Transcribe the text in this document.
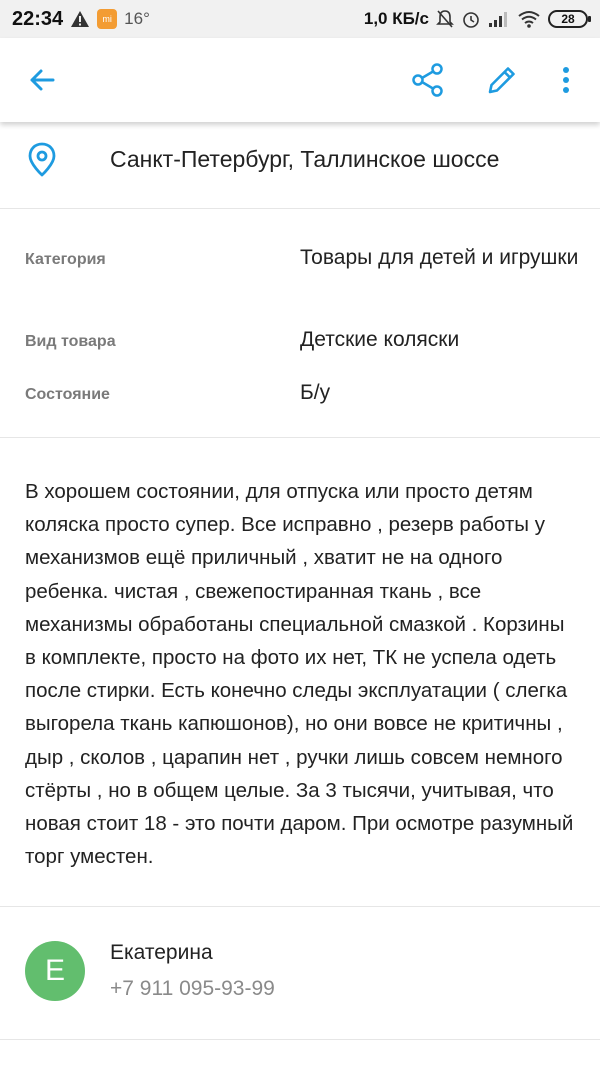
22:34	mi 16°	1,0 КБ/с	28
Санкт-Петербург, Таллинское шоссе
Категория	Товары для детей и игрушки
Вид товара	Детские коляски
Состояние	Б/у

В хорошем состоянии, для отпуска или просто детям коляска просто супер. Все исправно , резерв работы у механизмов ещё приличный , хватит не на одного ребенка. чистая , свежепостиранная ткань , все механизмы обработаны специальной смазкой . Корзины в комплекте, просто на фото их нет, ТК не успела одеть после стирки. Есть конечно следы эксплуатации ( слегка выгорела ткань капюшонов), но они вовсе не критичны , дыр , сколов , царапин нет , ручки лишь совсем немного стёрты , но в общем целые. За 3 тысячи, учитывая, что новая стоит 18 - это почти даром. При осмотре разумный торг уместен.

Е
Екатерина
+7 911 095-93-99
